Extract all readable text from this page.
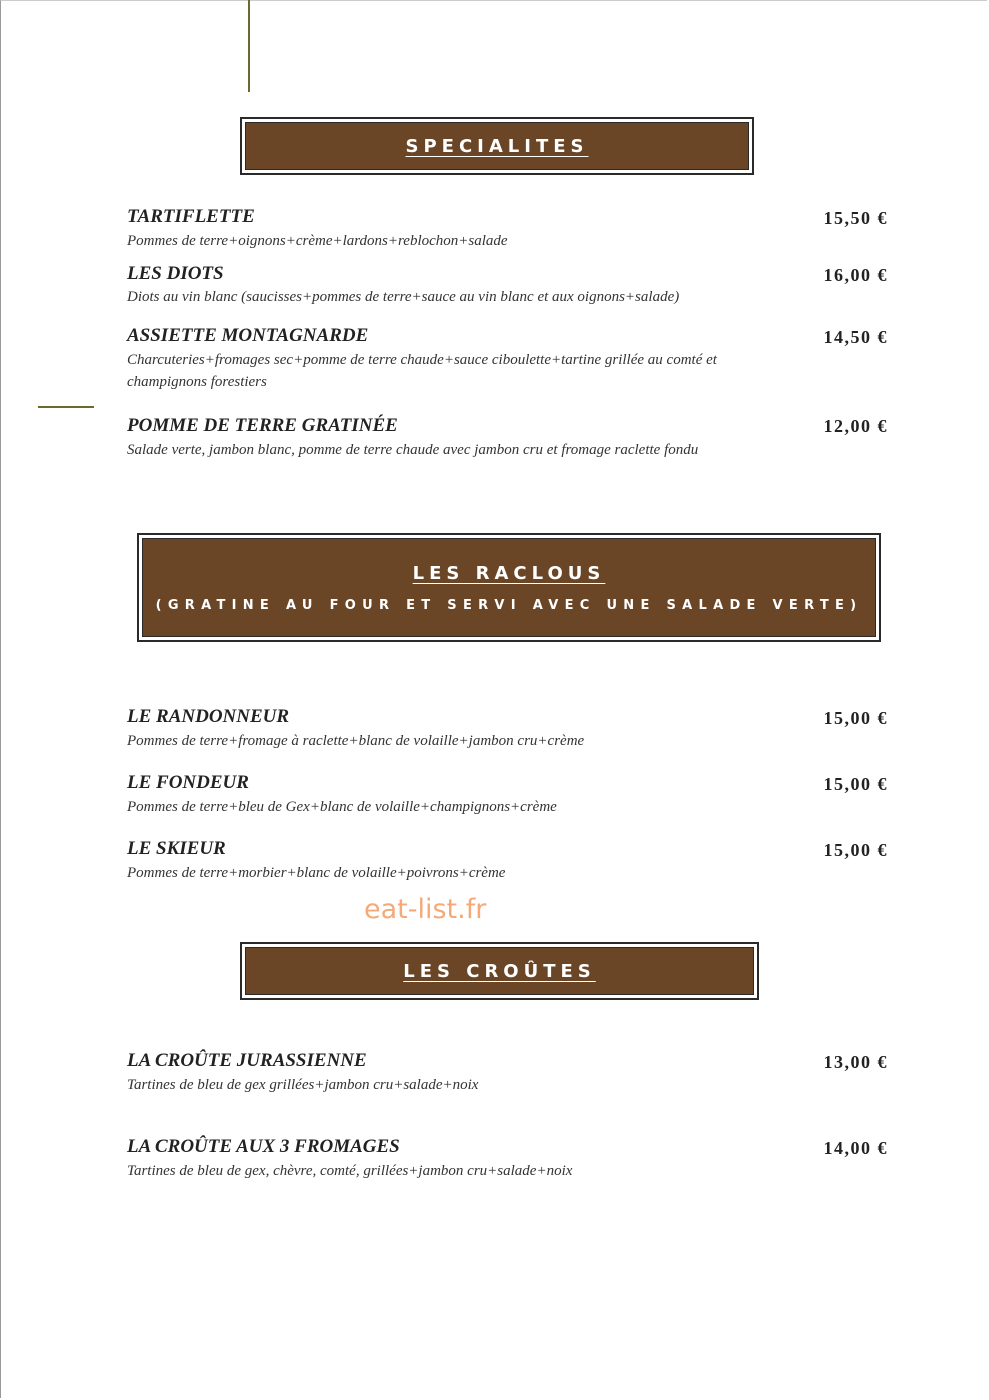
SPECIALITES
TARTIFLETTE
Pommes de terre+oignons+crème+lardons+reblochon+salade
15,50 €
LES DIOTS
Diots au vin blanc (saucisses+pommes de terre+sauce au vin blanc et aux oignons+salade)
16,00 €
ASSIETTE MONTAGNARDE
Charcuteries+fromages sec+pomme de terre chaude+sauce ciboulette+tartine grillée au comté et champignons forestiers
14,50 €
POMME DE TERRE GRATINÉE
Salade verte, jambon blanc, pomme de terre chaude avec jambon cru et fromage raclette fondu
12,00 €
LES RACLOUS
(GRATINE AU FOUR ET SERVI AVEC UNE SALADE VERTE)
LE RANDONNEUR
Pommes de terre+fromage à raclette+blanc de volaille+jambon cru+crème
15,00 €
LE FONDEUR
Pommes de terre+bleu de Gex+blanc de volaille+champignons+crème
15,00 €
LE SKIEUR
Pommes de terre+morbier+blanc de volaille+poivrons+crème
15,00 €
eat-list.fr
LES CROÛTES
LA CROÛTE JURASSIENNE
Tartines de bleu de gex grillées+jambon cru+salade+noix
13,00 €
LA CROÛTE AUX 3 FROMAGES
Tartines de bleu de gex, chèvre, comté, grillées+jambon cru+salade+noix
14,00 €
